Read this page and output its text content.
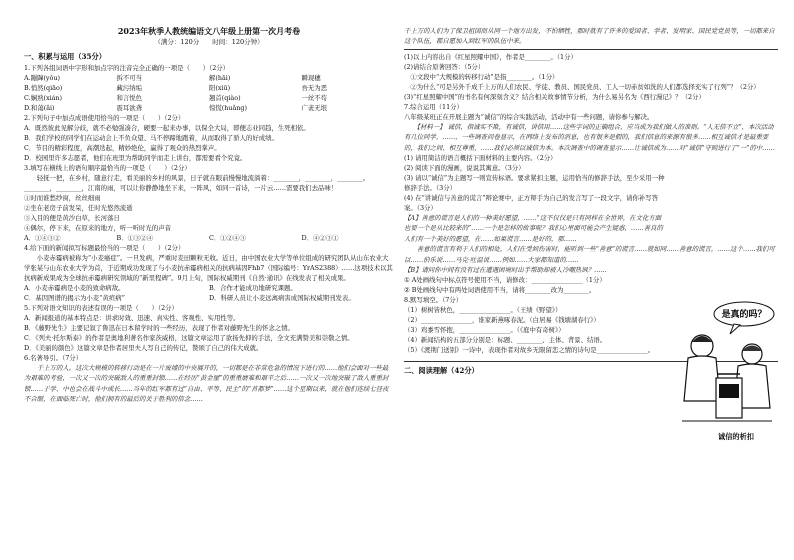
2023年秋季人教统编语文八年级上册第一次月考卷
（满分：120分　　时间：120分钟）
一、积累与运用（35分）
1.下列各组词语中字形和加点字的注音完全正确的一项是（　　）（2分）
A.蹦蹿(yǒu)	拆不可当	解(hāi)	瞬现穗
B.悄然(qiāo)	藏污纳垢	阳(xiū)	吾无为恶
C.娴熟(xián)	和言悦色	翘首(qiào)	一丝不苟
D.和蔼(ǎi)	震耳欲聋	惊慌(huǎng)	广袤无垠
2.下列句子中加点成语使用恰当的一项是（　　）（2分）
A．既然彼此见解分歧，就不必勉强凑合，硬要一起来办事，以保全大局，即便志业同趋，生死相依。
B．我们学校的同学们在运动会上不负众望、马不停蹄地跑着，从而取得了骄人的好成绩。
C．节目的精彩程度，高潮迭起，精妙绝伦，赢得了观众的热烈掌声。
D．校园里许多志愿者，他们在班里为帮助同学而走上讲台，都需要看个究竟。
3.填写在横线上的语句顺序最恰当的一项是（　　）（2分）
　　轻抚一把，在乡村，随意行走，看美丽的乡村的风景，日子就在眼前慢慢地流淌着：________，________，________。________，________，江南的雨，可以让你静静地坐下来，一阵风，如同一首诗，一片云……需要我们去品味！
①时而谁愁纱窗，丝丝细雨
②坐在老房子前发呆，任时光悠然流逝
③入目的便是黄沙白草，长河落日
④偶尔，停下来，在原来的地方，听一听时光的声音
A．①④③②	B．①③②④	C．①②④③	D．④②③①
4.给下面的新闻拟写标题最恰当的一项是（　　）（2分）
　　小麦赤霉病被称为“小麦癌症”。一旦发病，严重时麦田颗粒无收。近日，由中国农业大学等单位组成的研究团队从山东农业大学张某与山东农业大学为首，于近期成功发现了与小麦抗赤霉病相关的抗病基因Fhb7（国际编号：YrAS2388）……这项技术以其抗病新成果成为全球抗赤霉病研究领域的“新里程碑”。9月上旬，国际权威期刊《自然·通讯》在线发表了相关成果。
A．小麦赤霉病是小麦的致命病敌。	B．合作才能成功地研究课题。
C．基因图谱的揭示为小麦“黄疸病”	D．科研人员让小麦远离病害成国际权威期刊发表。
5.下列对语文知识的表述有误的一项是（　　）（2分）
A．新闻报道的基本特点是：讲求时效、迅速、真实性、客观性、实用性等。
B．《藤野先生》主要记叙了鲁迅在日本留学时的一些经历，表现了作者对藤野先生的怀念之情。
C．《列夫·托尔斯泰》的作者是奥地利著名作家茨威格，这篇文章运用了欲扬先抑的手法，全文充满赞美和崇敬之情。
D．《美丽的颜色》这篇文章是作者居里夫人写自己的传记，赞颂了自己的伟大成就。
6.名著导引。（7分）
　　千上万的人。这次大规模的转移行动是在一片废墟的中央展开的，一切都是在非常危急的情况下进行的……他们会面对一些最为艰难的考验，一次又一次的突破敌人的重重封锁……在经历“黄金屋”的重重磨难和艰辛之后……一次又一次地突破了敌人重重封锁……于学、中也会在战斗中成长……当年的红军都有过“自由、平等、民主”的“首都梦”……这个星期以来，就在他们连续七昼夜不合眼，在面临死亡时，他们拥有的最后的关于胜利的信念……
千上万的人们为了保卫祖国而从同一个地方出发，不怕牺牲，那时就有了许多的爱国者、学者、发明家、国民党党员等，一切都来自这个队伍，都自愿加入到红军的队伍中来。
(1)以上内容出自《红星照耀中国》，作者是________。（1分）
(2)请结合原著回答：（5分）
　①文段中“大规模的转移行动”是指________。（1分）
　②为什么“可是另外千成千上万的人们农民、学徒、教员、国民党员、工人一切赤贫如洗的人们都选择充实了行列”？（2分）
(3)“红星照耀中国”的书名有何深刻含义？结合相关故事情节分析，为什么易另名为《西行漫记》？（2分）
7.综合运用（11分）
八年级某班正在开展主题为“诚信”的综合实践活动，活动中有一些问题，请你参与解决。
　　【材料一】 诚信，指诚实不欺，有诚信，讲信用……这些字词的正确组合，应当成为我们做人的准则。“人无信不立”，本次活动有几位同学，……，一些调查问卷显示，在网络上发布的消息，也有很多是假的，我们信息的来源有很多……相互诚信才是最重要的，我们之间、相互尊重，……我们必须以诚信为本。本次调查中的调查显示……让诚信成为……对“诚信”守则进行了“一”的中……
(1) 请用简洁的语言概括下面材料的主要内容。（2分）
(2) 阅读下面的漫画，说说其寓意。（3分）
(3) 请以“诚信”为主题写一则宣传标语。要求紧扣主题，运用恰当的修辞手法，至少采用一种修辞手法。（3分）
(4) 在“讲诚信与善意的谎言”辩论赛中，正方辩手为自己的发言写了一段文字，请你补写答案。（3分）
【A】善意的谎言是人们的一种美好愿望，……“这不仅仅是只有同样在全世界，在文化方面也要一个是从比较来的”……一个是怎样的故事呢？我们心里面可能会产生疑惑，……善良的人们有一个美好的愿望，在……如果谎言……是好的，那……
　　善意的谎言有利于人们的相处，人们在受到伤害时，能听到一些“善意”的谎言……就如同……善意的谎言，……这个……我们可以……伯乐说……马克·吐温说……例如……大家都知道的……
【B】请问你中间有没有过在遭遇困境时出手帮助却被人冷嘲热讽？……
① A处画线句中标点符号使用不当，请修改：________________（1分）
② B处画线句中有两处词语使用不当，请将________改为________。
8.默写填空。（7分）
（1）树树皆秋色，________________。（王绩《野望》）
（2）________________，谁家新燕啄春泥。（白居易《钱塘湖春行》）
（3）鸡黍雪怀抱，________________。（《庭中有奇树》）
（4）新闻结构的五部分分别是：标题、________、主体、背景、结语。
（5）《渡荆门送别》一诗中，表现作者对故乡无限留恋之情的诗句是________________。
二、阅读理解（42分）
是真的吗？
诚信的析扣
